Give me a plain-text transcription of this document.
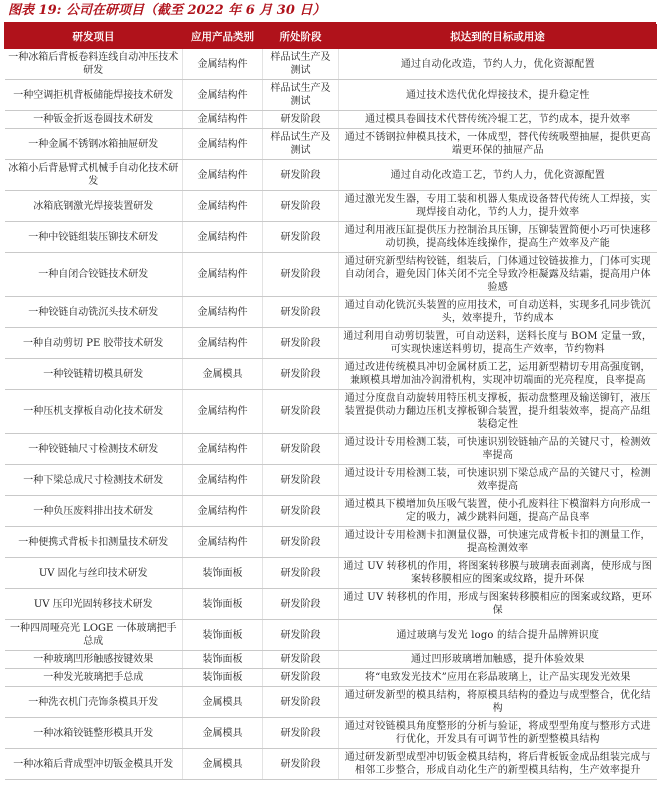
图表 19: 公司在研项目（截至 2022 年 6 月 30 日）
研发项目	应用产品类别	所处阶段	拟达到的目标或用途
一种冰箱后背板卷料连线自动冲压技术研发	金属结构件	样品试生产及测试	通过自动化改造，节约人力，优化资源配置
一种空调拒机背板储能焊接技术研发	金属结构件	样品试生产及测试	通过技术迭代优化焊接技术，提升稳定性
一种钣金折返卷圆技术研发	金属结构件	研发阶段	通过模具卷圆技术代替传统冷辊工艺，节约成本，提升效率
一种金属不锈钢冰箱抽屉研发	金属结构件	样品试生产及测试	通过不锈钢拉伸模具技术，一体成型，替代传统吸塑抽屉，提供更高端更环保的抽屉产品
冰箱小后背悬臂式机械手自动化技术研发	金属结构件	研发阶段	通过自动化改造工艺，节约人力，优化资源配置
冰箱底钢激光焊接装置研发	金属结构件	研发阶段	通过激光发生器，专用工装和机器人集成设备替代传统人工焊接，实现焊接自动化，节约人力，提升效率
一种中铰链组装压铆技术研发	金属结构件	研发阶段	通过利用液压缸提供压力控制治具压铆，压铆装置简便小巧可快速移动切换，提高线体连线操作，提高生产效率及产能
一种自闭合铰链技术研发	金属结构件	研发阶段	通过研究新型结构铰链，组装后，门体通过铰链拔推力，门体可实现自动闭合，避免因门体关闭不完全导致冷柜凝露及结霜，提高用户体验感
一种铰链自动铣沉头技术研发	金属结构件	研发阶段	通过自动化铣沉头装置的应用技术，可自动送料，实现多孔同步铣沉头，效率提升，节约成本
一种自动剪切 PE 胶带技术研发	金属结构件	研发阶段	通过利用自动剪切装置，可自动送料，送料长度与 BOM 定量一致，可实现快速送料剪切，提高生产效率，节约物料
一种铰链精切模具研发	金属模具	研发阶段	通过改进传统模具冲切金属材质工艺，运用新型精切专用高强度钢，兼顾模具增加油冷润滑机构，实现冲切端面的光亮程度，良率提高
一种压机支撑板自动化技术研发	金属结构件	研发阶段	通过分度盘自动旋转用特压机支撑板，振动盘整理及输送铆钉，液压装置提供动力翻边压机支撑板铆合装置，提升组装效率，提高产品组装稳定性
一种铰链轴尺寸检测技术研发	金属结构件	研发阶段	通过设计专用检测工装，可快速识别铰链轴产品的关键尺寸，检测效率提高
一种下梁总成尺寸检测技术研发	金属结构件	研发阶段	通过设计专用检测工装，可快速识别下梁总成产品的关键尺寸，检测效率提高
一种负压废料排出技术研发	金属结构件	研发阶段	通过模具下模增加负压吸气装置，使小孔废料往下模溜料方向形成一定的吸力，减少跳料问题，提高产品良率
一种便携式背板卡扣测量技术研发	金属结构件	研发阶段	通过设计专用检测卡扣测量仪器，可快速完成背板卡扣的测量工作，提高检测效率
UV 固化与丝印技术研发	装饰面板	研发阶段	通过 UV 转移机的作用，将图案转移膜与玻璃表面剥离，使形成与图案转移膜相应的图案或纹路，提升环保
UV 压印光固转移技术研发	装饰面板	研发阶段	通过 UV 转移机的作用，形成与图案转移膜相应的图案或纹路，更环保
一种四周哑亮光 LOGE 一体玻璃把手总成	装饰面板	研发阶段	通过玻璃与发光 logo 的结合提升品牌辨识度
一种玻璃凹形触感按键效果	装饰面板	研发阶段	通过凹形玻璃增加触感，提升体验效果
一种发光玻璃把手总成	装饰面板	研发阶段	将“电致发光技术”应用在彩晶玻璃上，让产品实现发光效果
一种洗衣机门壳饰条模具开发	金属模具	研发阶段	通过研发新型的模具结构，将原模具结构的叠边与成型整合，优化结构
一种冰箱铰链整形模具开发	金属模具	研发阶段	通过对铰链模具角度整形的分析与验证，将成型型角度与整形方式进行优化，开发具有可调节性的新型整模具结构
一种冰箱后背成型冲切钣金模具开发	金属模具	研发阶段	通过研发新型成型冲切钣金模具结构，将后背板钣金成品组装完成与相邻工步整合，形成自动化生产的新型模具结构，生产效率提升
